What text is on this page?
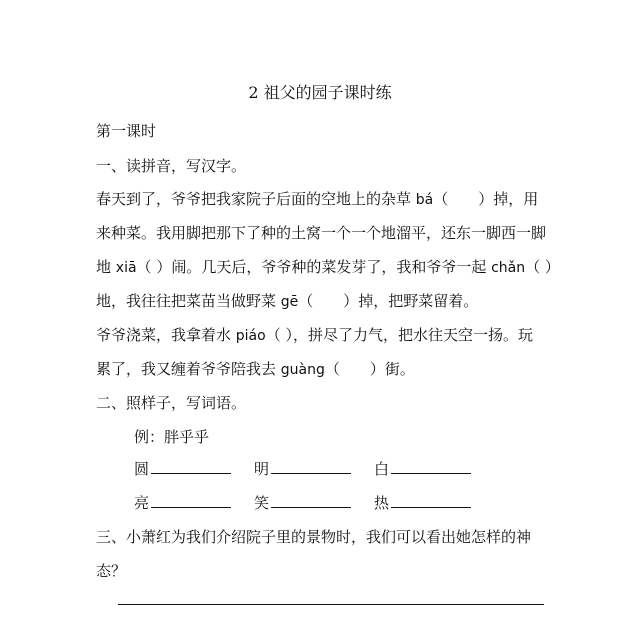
2 祖父的园子课时练
第一课时
一、读拼音，写汉字。
春天到了，爷爷把我家院子后面的空地上的杂草 bá（　　）掉，用
来种菜。我用脚把那下了种的土窝一个一个地溜平，还东一脚西一脚
地 xiā（ ）闹。几天后，爷爷种的菜发芽了，我和爷爷一起 chǎn（ ）
地，我往往把菜苗当做野菜 gē（　　）掉，把野菜留着。
爷爷浇菜，我拿着水 piáo（ ），拼尽了力气，把水往天空一扬。玩
累了，我又缠着爷爷陪我去 guàng（　　）街。
二、照样子，写词语。
例：胖乎乎
圆	明	白
亮	笑	热
三、小萧红为我们介绍院子里的景物时，我们可以看出她怎样的神
态？
